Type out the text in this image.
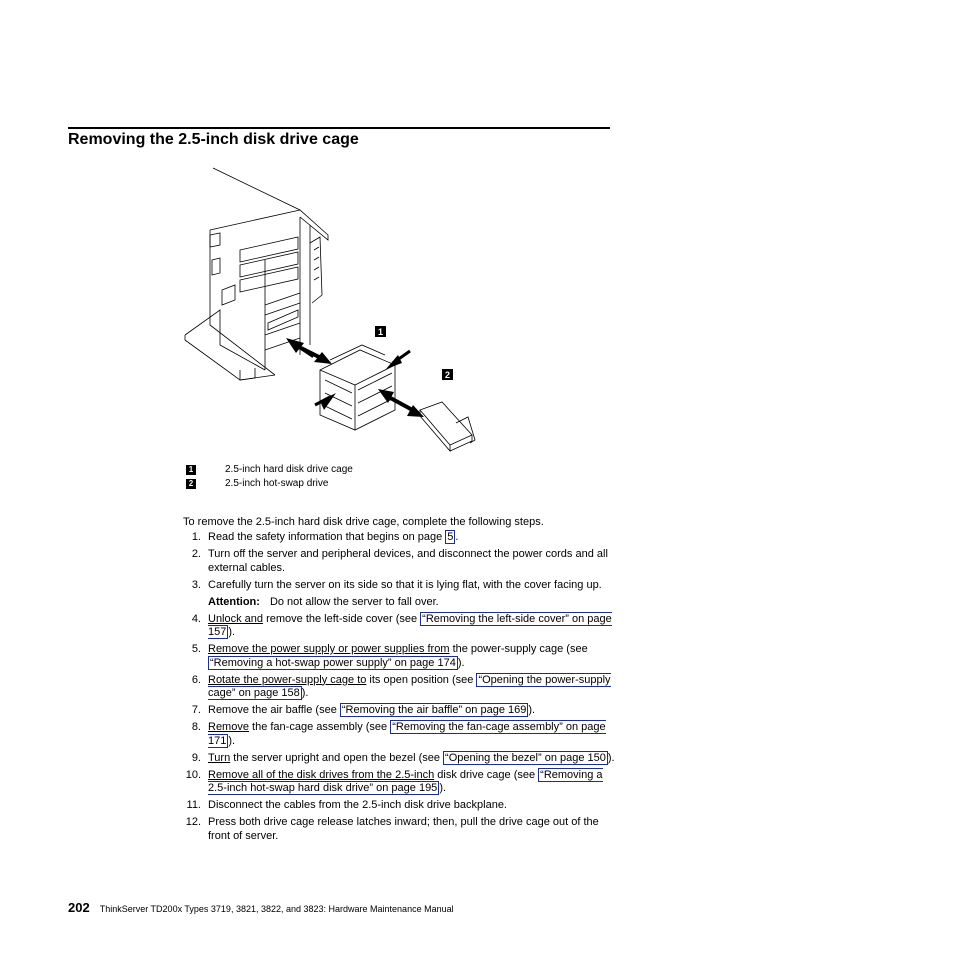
Removing the 2.5-inch disk drive cage
1
2
1	2.5-inch hard disk drive cage
2	2.5-inch hot-swap drive
To remove the 2.5-inch hard disk drive cage, complete the following steps.
1. Read the safety information that begins on page 5 .
2. Turn off the server and peripheral devices, and disconnect the power cords and all external cables.
3. Carefully turn the server on its side so that it is lying flat, with the cover facing up.
Attention: Do not allow the server to fall over.
4. Unlock and remove the left-side cover (see “Removing the left-side cover” on page 157 ).
5. Remove the power supply or power supplies from the power-supply cage (see “Removing a hot-swap power supply” on page 174 ).
6. Rotate the power-supply cage to its open position (see “Opening the power-supply cage” on page 158 ).
7. Remove the air baffle (see “Removing the air baffle” on page 169 ).
8. Remove the fan-cage assembly (see “Removing the fan-cage assembly” on page 171 ).
9. Turn the server upright and open the bezel (see “Opening the bezel” on page 150 ).
10. Remove all of the disk drives from the 2.5-inch disk drive cage (see “Removing a 2.5-inch hot-swap hard disk drive” on page 195 ).
11. Disconnect the cables from the 2.5-inch disk drive backplane.
12. Press both drive cage release latches inward; then, pull the drive cage out of the front of server.
202 ThinkServer TD200x Types 3719, 3821, 3822, and 3823: Hardware Maintenance Manual
